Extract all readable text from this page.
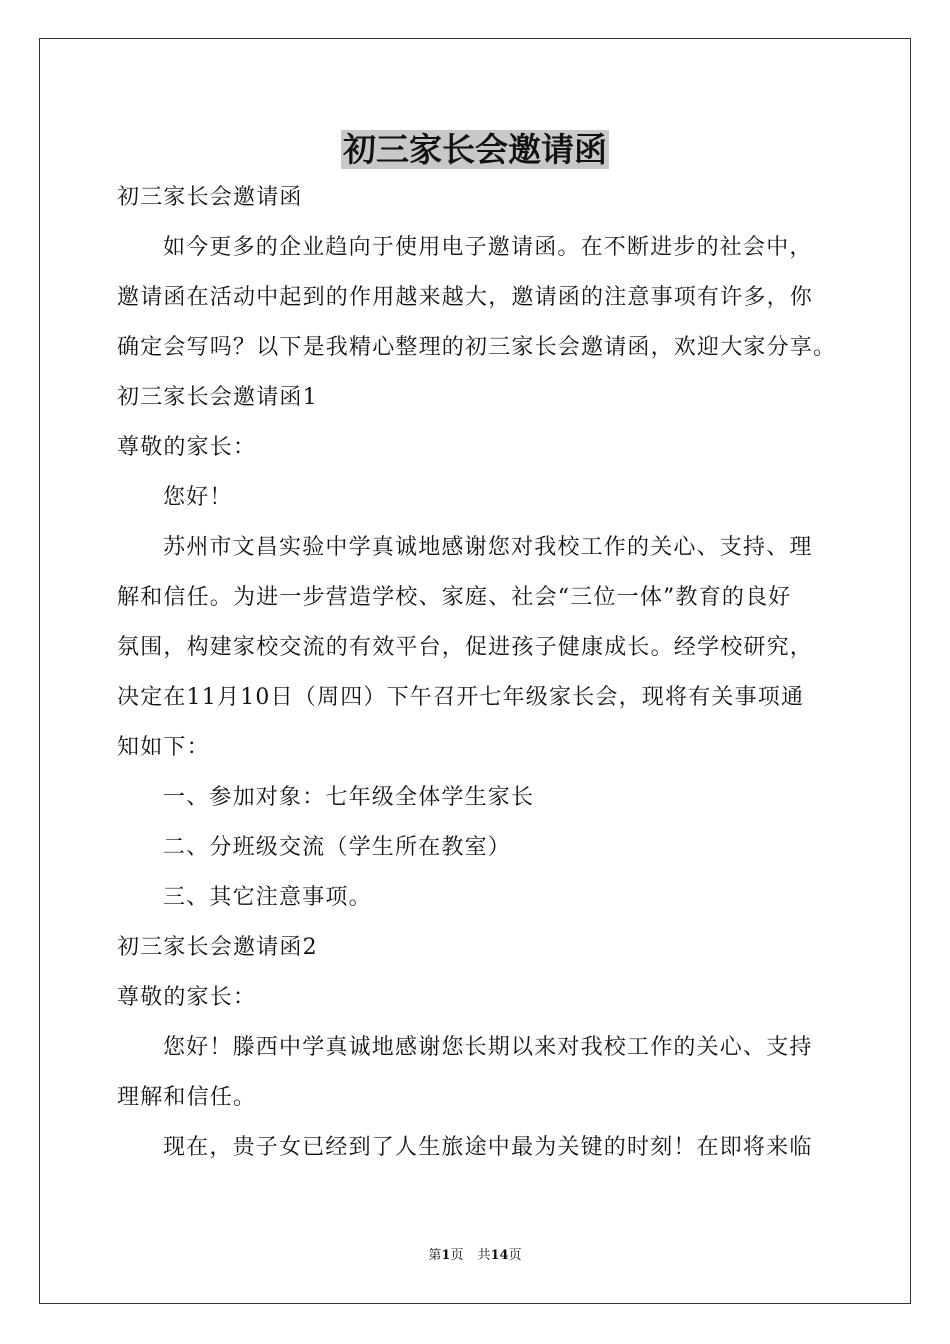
初三家长会邀请函
初三家长会邀请函
如今更多的企业趋向于使用电子邀请函。在不断进步的社会中，
邀请函在活动中起到的作用越来越大，邀请函的注意事项有许多，你
确定会写吗？以下是我精心整理的初三家长会邀请函，欢迎大家分享。
初三家长会邀请函1
尊敬的家长：
您好！
苏州市文昌实验中学真诚地感谢您对我校工作的关心、支持、理
解和信任。为进一步营造学校、家庭、社会“三位一体”教育的良好
氛围，构建家校交流的有效平台，促进孩子健康成长。经学校研究，
决定在11月10日（周四）下午召开七年级家长会，现将有关事项通
知如下：
一、参加对象：七年级全体学生家长
二、分班级交流（学生所在教室）
三、其它注意事项。
初三家长会邀请函2
尊敬的家长：
您好！滕西中学真诚地感谢您长期以来对我校工作的关心、支持
理解和信任。
现在，贵子女已经到了人生旅途中最为关键的时刻！在即将来临
第1页 共14页
